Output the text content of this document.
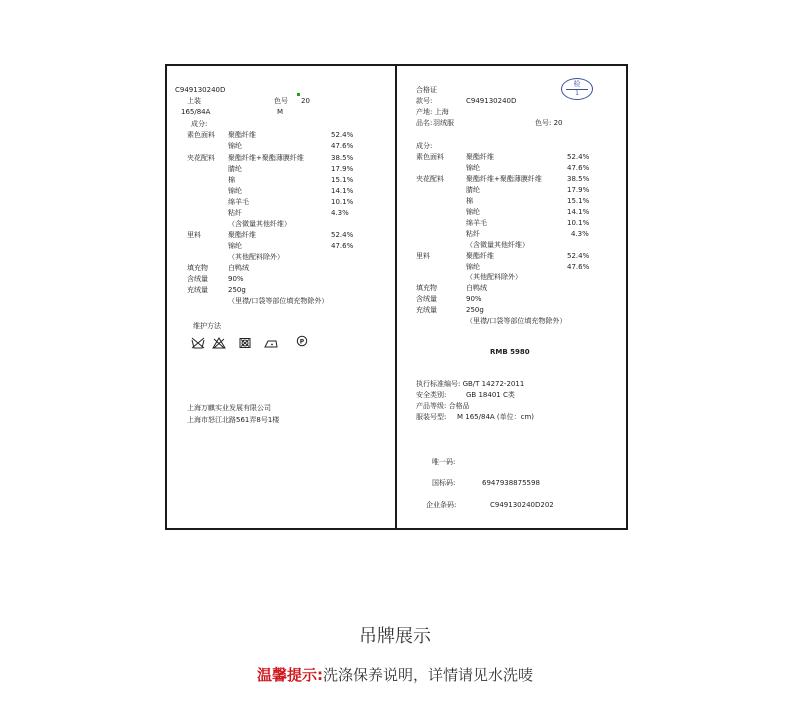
C949130240D
上装	色号 20
165/84A	M
成分:
素色面料 聚酯纤维	52.4%
锦纶	47.6%
夹花配料 聚酯纤维+聚酯薄膜纤维	38.5%
腈纶	17.9%
棉	15.1%
锦纶	14.1%
绵羊毛	10.1%
粘纤	4.3%
（含微量其他纤维）
里料	聚酯纤维	52.4%
锦纶	47.6%
（其他配料除外）
填充物	白鸭绒
含绒量	90%
充绒量	250g
（里襟/口袋等部位填充物除外）
维护方法
P
上海万麒实业发展有限公司
上海市怒江北路561弄8号1楼
合格证
检
1
款号:	C949130240D
产地: 上海
品名: 羽绒服	色号: 20
成分:
素色面料	聚酯纤维	52.4%
锦纶	47.6%
夹花配料	聚酯纤维+聚酯薄膜纤维	38.5%
腈纶	17.9%
棉	15.1%
锦纶	14.1%
绵羊毛	10.1%
粘纤	4.3%
（含微量其他纤维）
里料	聚酯纤维	52.4%
锦纶	47.6%
（其他配料除外）
填充物	白鸭绒
含绒量	90%
充绒量	250g
（里襟/口袋等部位填充物除外）
RMB 5980
执行标准编号: GB/T 14272-2011
安全类别:	GB 18401 C类
产品等级: 合格品
服装号型: M 165/84A (单位：cm)
唯一码:
国标码:	6947938875598
企业条码:	C949130240D202
吊牌展示
温馨提示:洗涤保养说明，详情请见水洗唛
